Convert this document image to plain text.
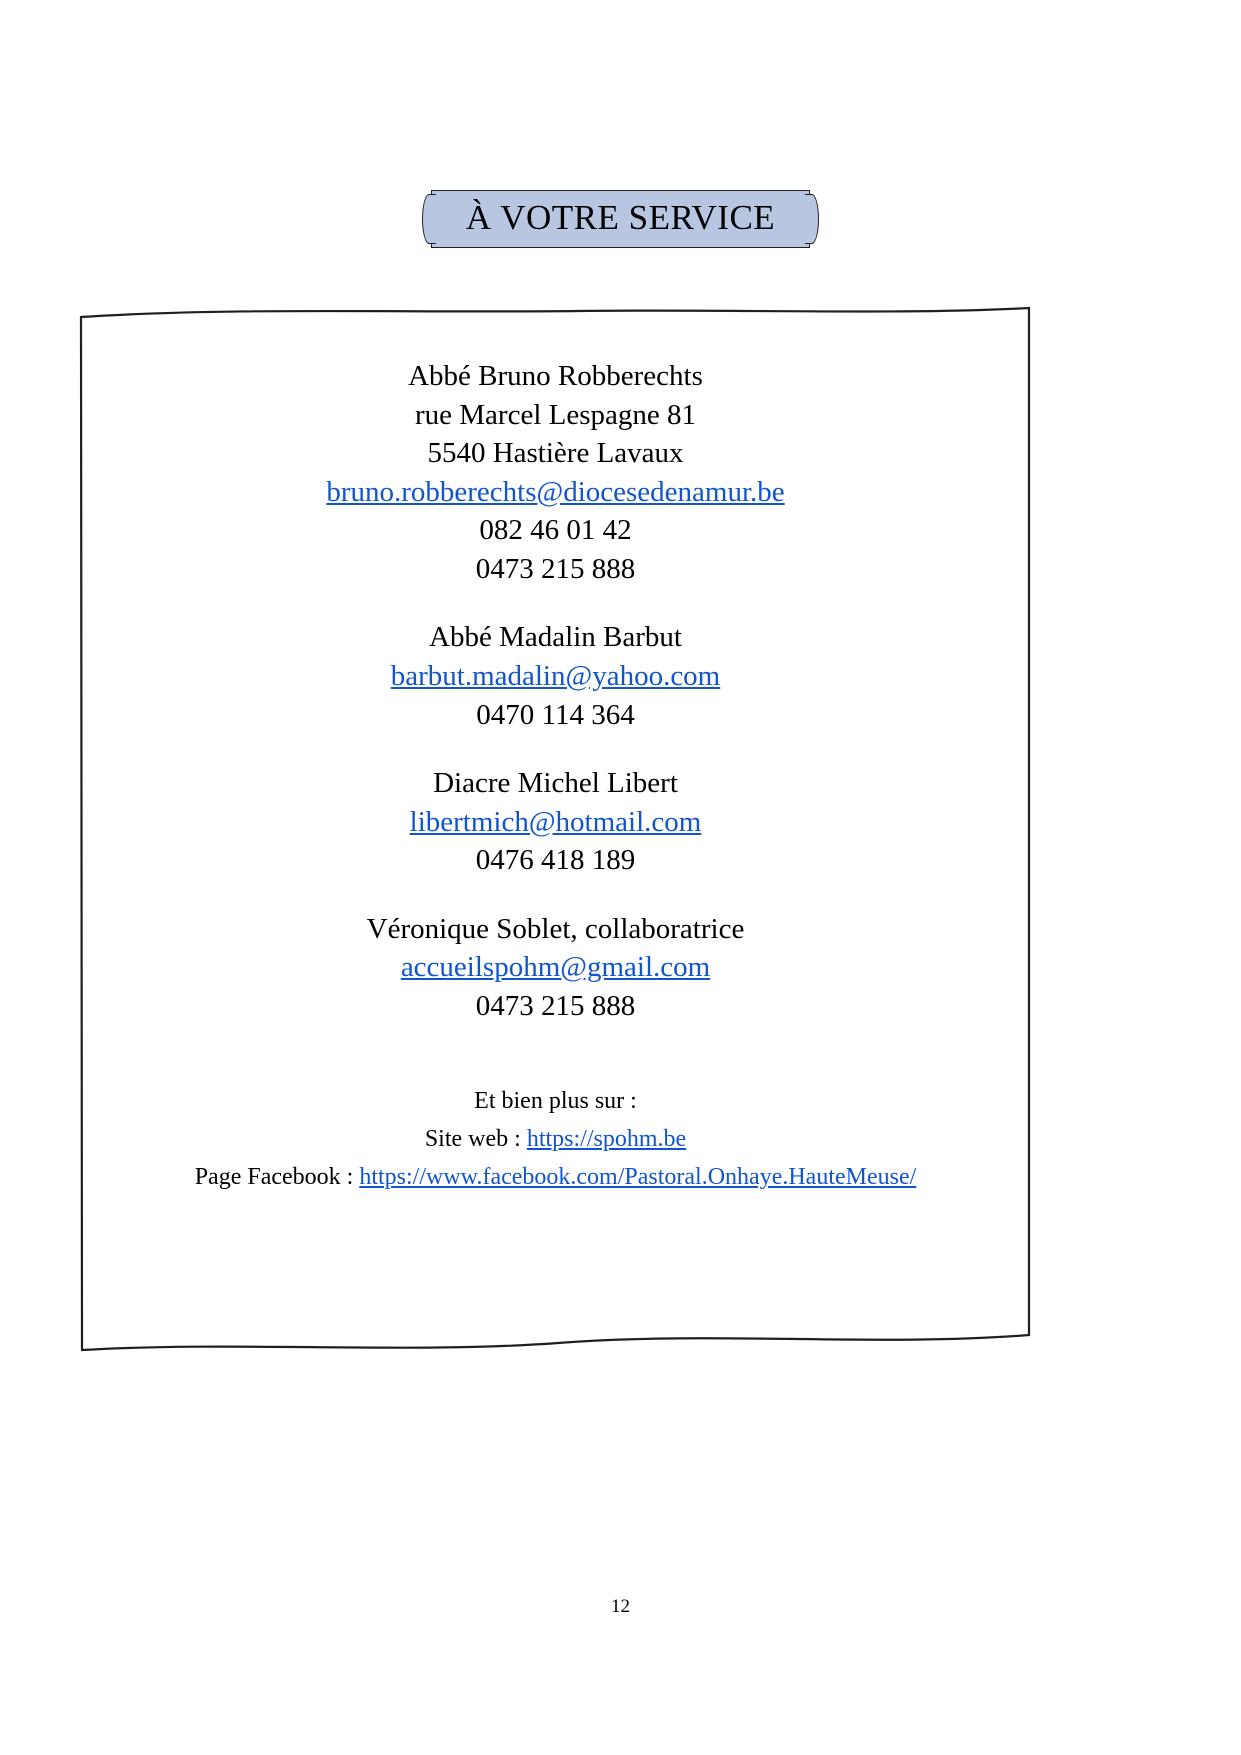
À VOTRE SERVICE
Abbé Bruno Robberechts
rue Marcel Lespagne 81
5540 Hastière Lavaux
bruno.robberechts@diocesedenamur.be
082 46 01 42
0473 215 888
Abbé Madalin Barbut
barbut.madalin@yahoo.com
0470 114 364
Diacre Michel Libert
libertmich@hotmail.com
0476 418 189
Véronique Soblet, collaboratrice
accueilspohm@gmail.com
0473 215 888
Et bien plus sur :
Site web : https://spohm.be
Page Facebook : https://www.facebook.com/Pastoral.Onhaye.HauteMeuse/
12
